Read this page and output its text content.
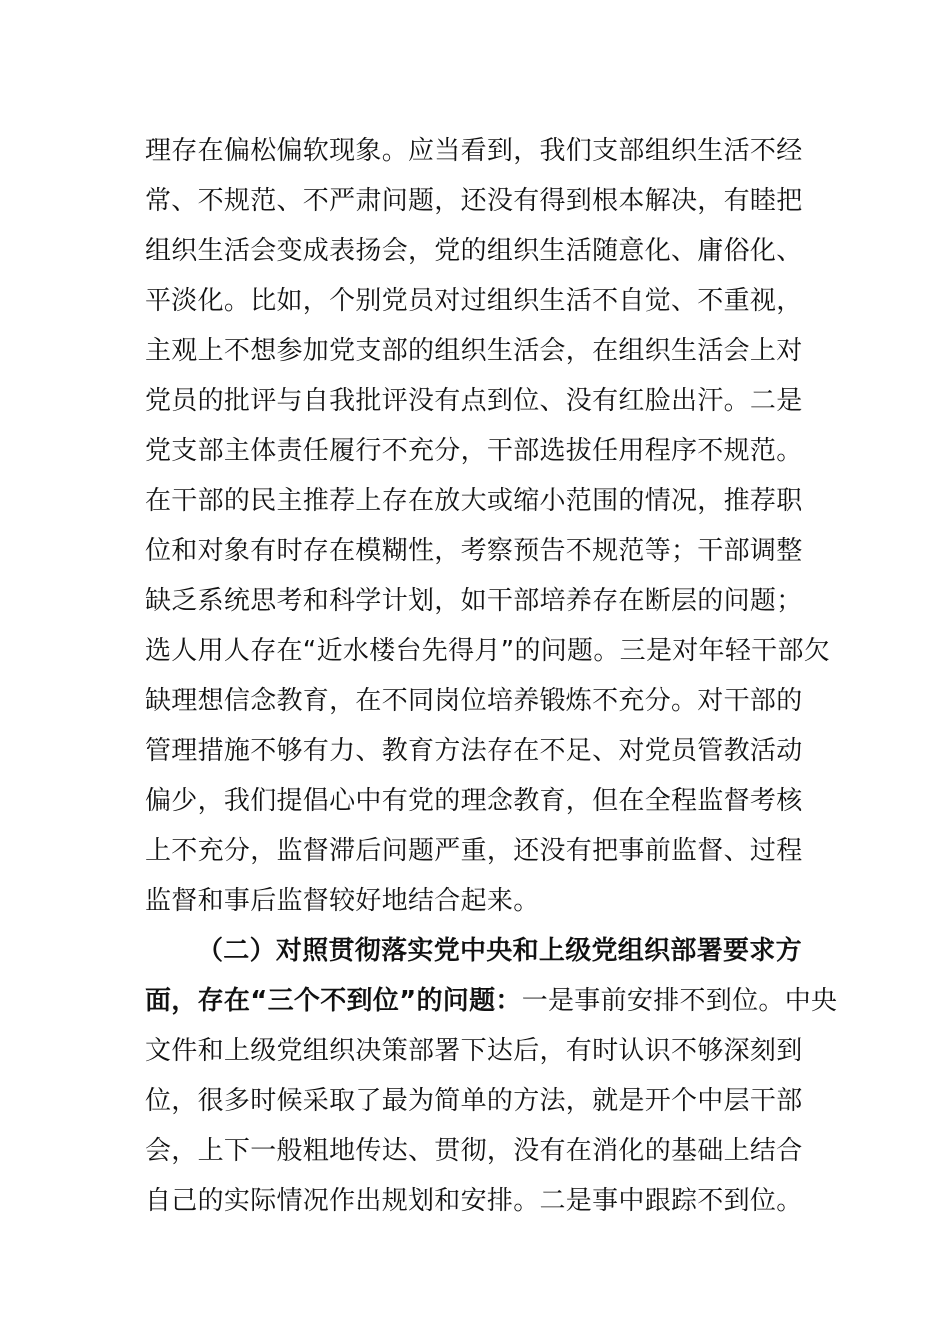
理存在偏松偏软现象。应当看到，我们支部组织生活不经
常、不规范、不严肃问题，还没有得到根本解决，有睦把
组织生活会变成表扬会，党的组织生活随意化、庸俗化、
平淡化。比如，个别党员对过组织生活不自觉、不重视，
主观上不想参加党支部的组织生活会，在组织生活会上对
党员的批评与自我批评没有点到位、没有红脸出汗。二是
党支部主体责任履行不充分，干部选拔任用程序不规范。
在干部的民主推荐上存在放大或缩小范围的情况，推荐职
位和对象有时存在模糊性，考察预告不规范等；干部调整
缺乏系统思考和科学计划，如干部培养存在断层的问题；
选人用人存在“近水楼台先得月”的问题。三是对年轻干部欠
缺理想信念教育，在不同岗位培养锻炼不充分。对干部的
管理措施不够有力、教育方法存在不足、对党员管教活动
偏少，我们提倡心中有党的理念教育，但在全程监督考核
上不充分，监督滞后问题严重，还没有把事前监督、过程
监督和事后监督较好地结合起来。
（二）对照贯彻落实党中央和上级党组织部署要求方
面，存在“三个不到位”的问题：一是事前安排不到位。中央
文件和上级党组织决策部署下达后，有时认识不够深刻到
位，很多时候采取了最为简单的方法，就是开个中层干部
会，上下一般粗地传达、贯彻，没有在消化的基础上结合
自己的实际情况作出规划和安排。二是事中跟踪不到位。
